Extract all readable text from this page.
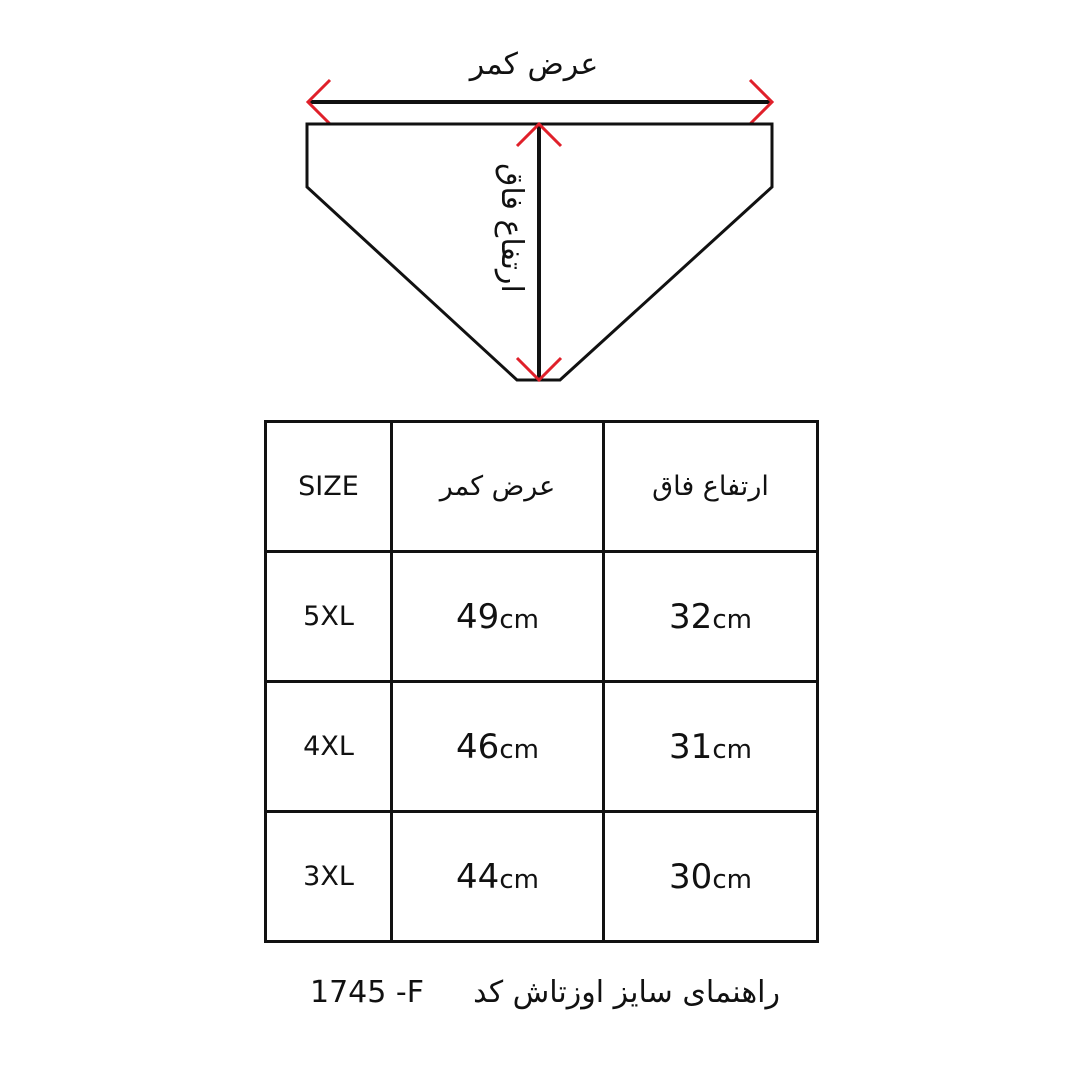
عرض کمر
ارتفاع فاق
SIZE	عرض کمر	ارتفاع فاق
5XL	49cm	32cm
4XL	46cm	31cm
3XL	44cm	30cm
راهنمای سایز اوزتاش کد
1745 -F
